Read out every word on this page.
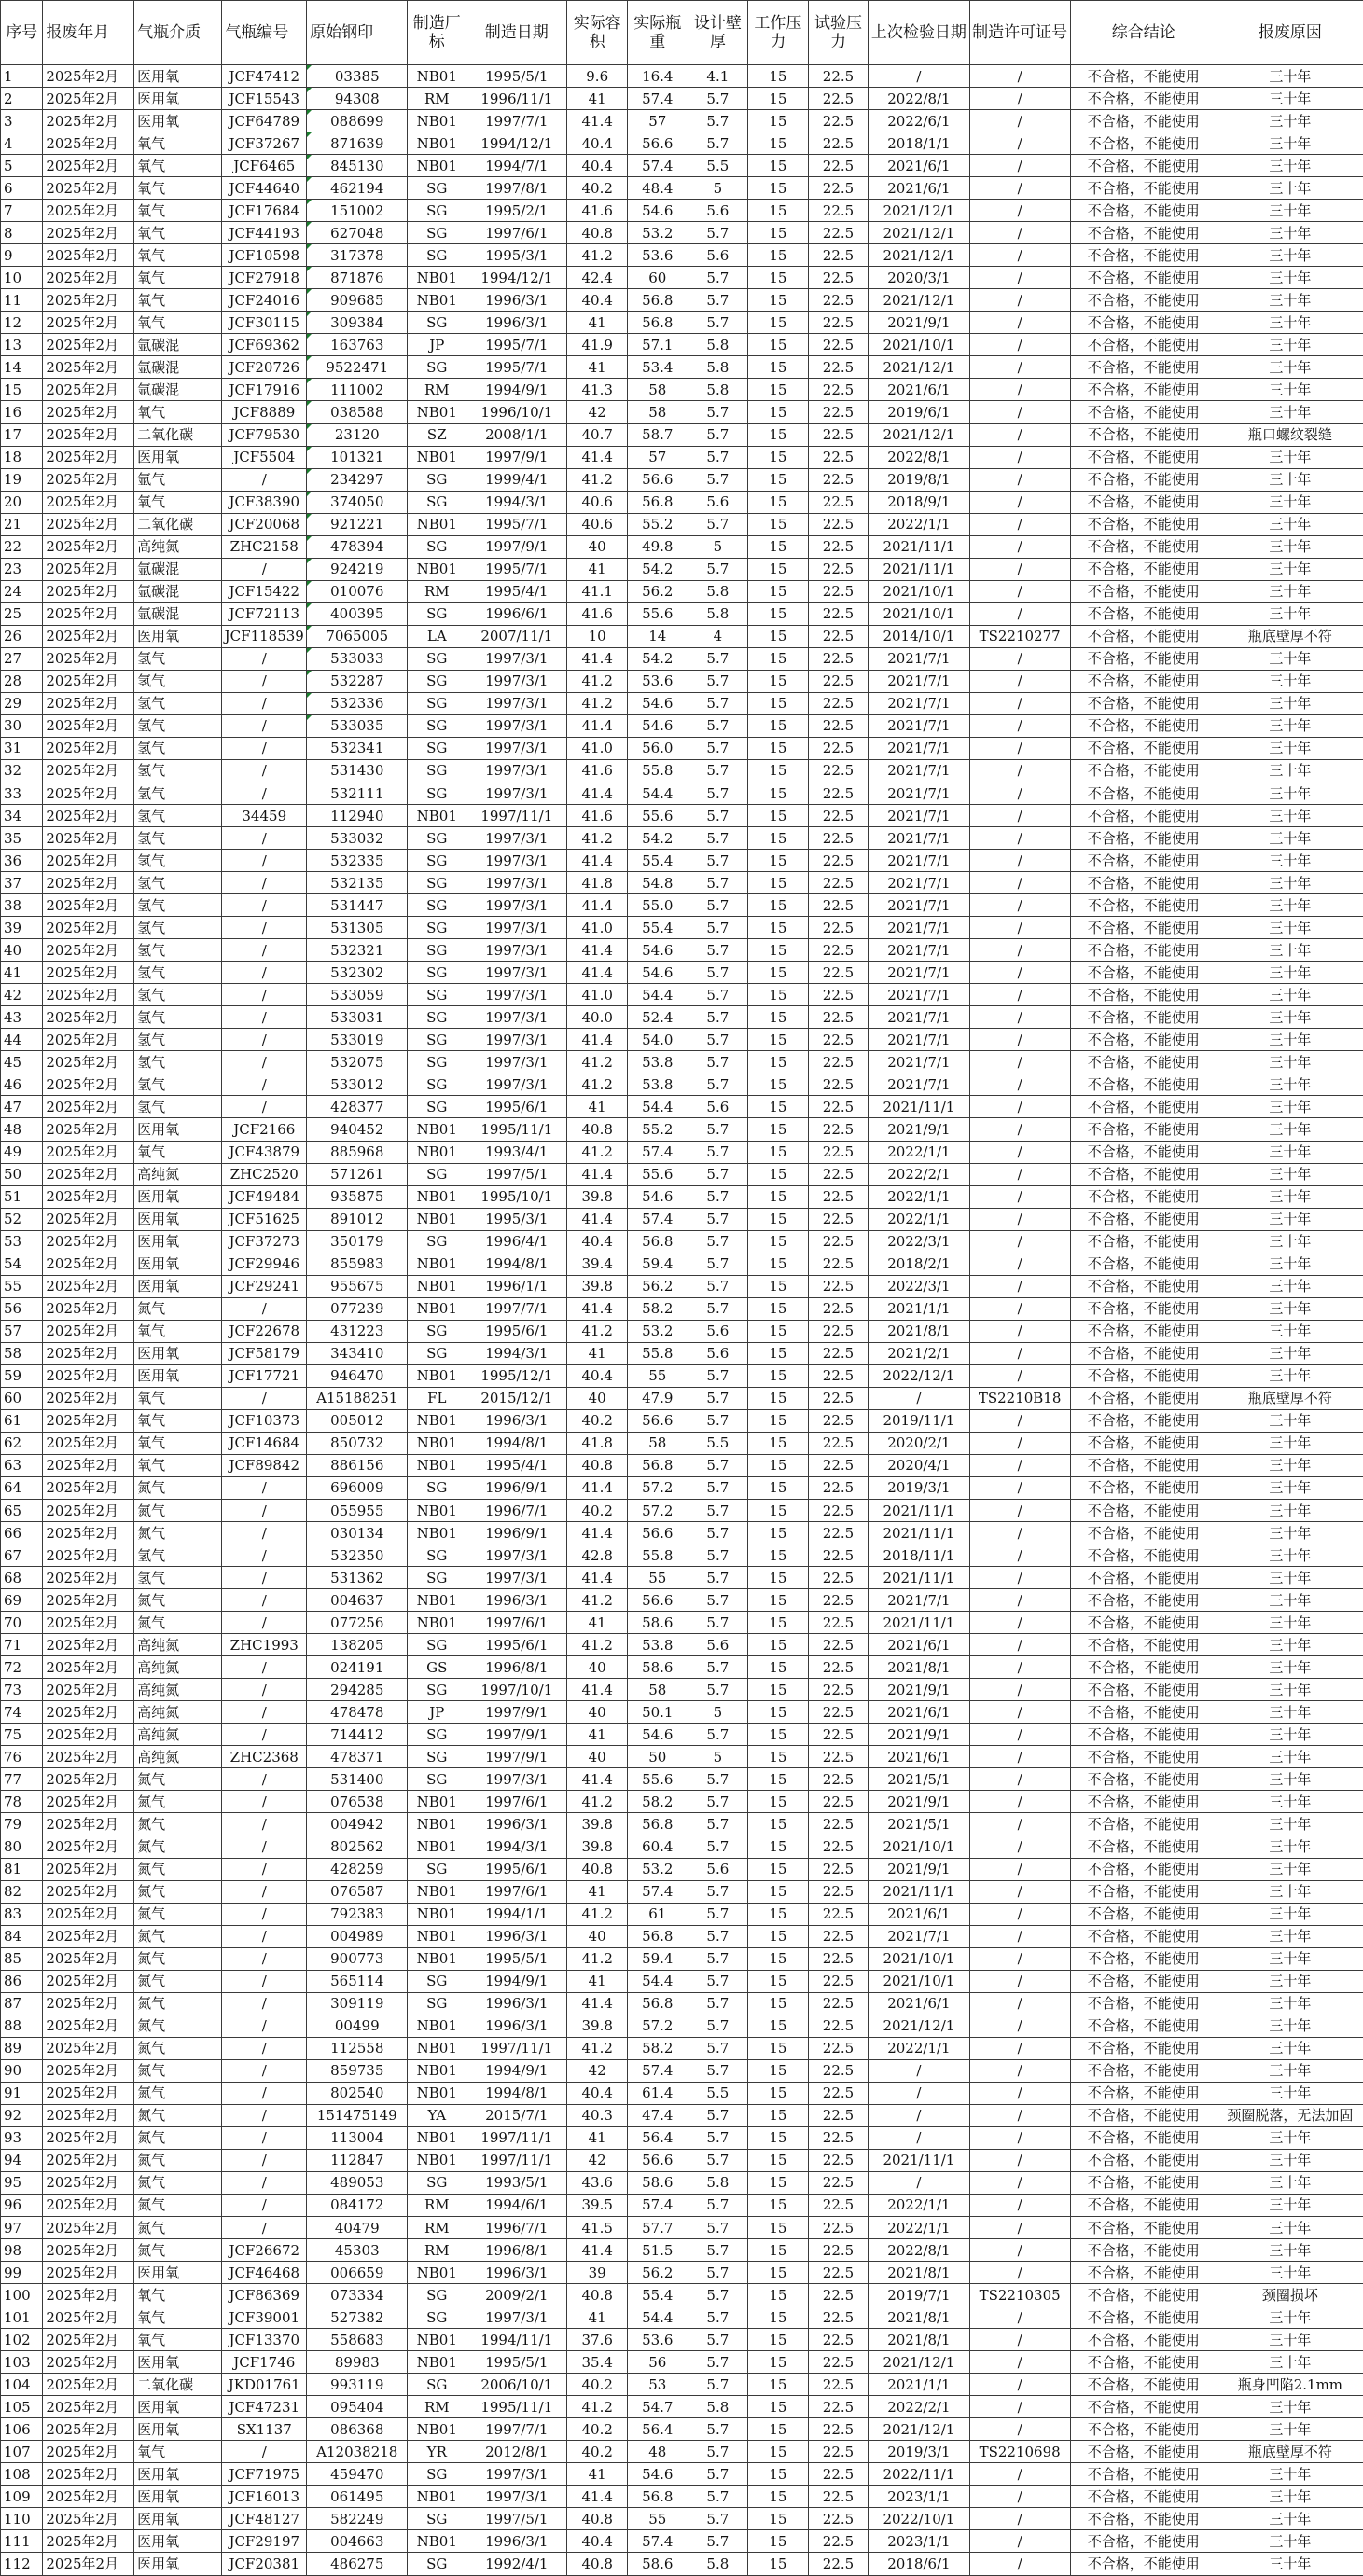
序号	报废年月	气瓶介质	气瓶编号	原始钢印	制造厂标	制造日期	实际容积	实际瓶重	设计壁厚	工作压力	试验压力	上次检验日期	制造许可证号	综合结论	报废原因
1	2025年2月	医用氧	JCF47412	03385	NB01	1995/5/1	9.6	16.4	4.1	15	22.5	/	/	不合格，不能使用	三十年
2	2025年2月	医用氧	JCF15543	94308	RM	1996/11/1	41	57.4	5.7	15	22.5	2022/8/1	/	不合格，不能使用	三十年
3	2025年2月	医用氧	JCF64789	088699	NB01	1997/7/1	41.4	57	5.7	15	22.5	2022/6/1	/	不合格，不能使用	三十年
4	2025年2月	氧气	JCF37267	871639	NB01	1994/12/1	40.4	56.6	5.7	15	22.5	2018/1/1	/	不合格，不能使用	三十年
5	2025年2月	氧气	JCF6465	845130	NB01	1994/7/1	40.4	57.4	5.5	15	22.5	2021/6/1	/	不合格，不能使用	三十年
6	2025年2月	氧气	JCF44640	462194	SG	1997/8/1	40.2	48.4	5	15	22.5	2021/6/1	/	不合格，不能使用	三十年
7	2025年2月	氧气	JCF17684	151002	SG	1995/2/1	41.6	54.6	5.6	15	22.5	2021/12/1	/	不合格，不能使用	三十年
8	2025年2月	氧气	JCF44193	627048	SG	1997/6/1	40.8	53.2	5.7	15	22.5	2021/12/1	/	不合格，不能使用	三十年
9	2025年2月	氧气	JCF10598	317378	SG	1995/3/1	41.2	53.6	5.6	15	22.5	2021/12/1	/	不合格，不能使用	三十年
10	2025年2月	氧气	JCF27918	871876	NB01	1994/12/1	42.4	60	5.7	15	22.5	2020/3/1	/	不合格，不能使用	三十年
11	2025年2月	氧气	JCF24016	909685	NB01	1996/3/1	40.4	56.8	5.7	15	22.5	2021/12/1	/	不合格，不能使用	三十年
12	2025年2月	氧气	JCF30115	309384	SG	1996/3/1	41	56.8	5.7	15	22.5	2021/9/1	/	不合格，不能使用	三十年
13	2025年2月	氩碳混	JCF69362	163763	JP	1995/7/1	41.9	57.1	5.8	15	22.5	2021/10/1	/	不合格，不能使用	三十年
14	2025年2月	氩碳混	JCF20726	9522471	SG	1995/7/1	41	53.4	5.8	15	22.5	2021/12/1	/	不合格，不能使用	三十年
15	2025年2月	氩碳混	JCF17916	111002	RM	1994/9/1	41.3	58	5.8	15	22.5	2021/6/1	/	不合格，不能使用	三十年
16	2025年2月	氧气	JCF8889	038588	NB01	1996/10/1	42	58	5.7	15	22.5	2019/6/1	/	不合格，不能使用	三十年
17	2025年2月	二氧化碳	JCF79530	23120	SZ	2008/1/1	40.7	58.7	5.7	15	22.5	2021/12/1	/	不合格，不能使用	瓶口螺纹裂缝
18	2025年2月	医用氧	JCF5504	101321	NB01	1997/9/1	41.4	57	5.7	15	22.5	2022/8/1	/	不合格，不能使用	三十年
19	2025年2月	氩气	/	234297	SG	1999/4/1	41.2	56.6	5.7	15	22.5	2019/8/1	/	不合格，不能使用	三十年
20	2025年2月	氧气	JCF38390	374050	SG	1994/3/1	40.6	56.8	5.6	15	22.5	2018/9/1	/	不合格，不能使用	三十年
21	2025年2月	二氧化碳	JCF20068	921221	NB01	1995/7/1	40.6	55.2	5.7	15	22.5	2022/1/1	/	不合格，不能使用	三十年
22	2025年2月	高纯氮	ZHC2158	478394	SG	1997/9/1	40	49.8	5	15	22.5	2021/11/1	/	不合格，不能使用	三十年
23	2025年2月	氩碳混	/	924219	NB01	1995/7/1	41	54.2	5.7	15	22.5	2021/11/1	/	不合格，不能使用	三十年
24	2025年2月	氩碳混	JCF15422	010076	RM	1995/4/1	41.1	56.2	5.8	15	22.5	2021/10/1	/	不合格，不能使用	三十年
25	2025年2月	氩碳混	JCF72113	400395	SG	1996/6/1	41.6	55.6	5.8	15	22.5	2021/10/1	/	不合格，不能使用	三十年
26	2025年2月	医用氧	JCF118539	7065005	LA	2007/11/1	10	14	4	15	22.5	2014/10/1	TS2210277	不合格，不能使用	瓶底壁厚不符
27	2025年2月	氢气	/	533033	SG	1997/3/1	41.4	54.2	5.7	15	22.5	2021/7/1	/	不合格，不能使用	三十年
28	2025年2月	氢气	/	532287	SG	1997/3/1	41.2	53.6	5.7	15	22.5	2021/7/1	/	不合格，不能使用	三十年
29	2025年2月	氢气	/	532336	SG	1997/3/1	41.2	54.6	5.7	15	22.5	2021/7/1	/	不合格，不能使用	三十年
30	2025年2月	氢气	/	533035	SG	1997/3/1	41.4	54.6	5.7	15	22.5	2021/7/1	/	不合格，不能使用	三十年
31	2025年2月	氢气	/	532341	SG	1997/3/1	41.0	56.0	5.7	15	22.5	2021/7/1	/	不合格，不能使用	三十年
32	2025年2月	氢气	/	531430	SG	1997/3/1	41.6	55.8	5.7	15	22.5	2021/7/1	/	不合格，不能使用	三十年
33	2025年2月	氢气	/	532111	SG	1997/3/1	41.4	54.4	5.7	15	22.5	2021/7/1	/	不合格，不能使用	三十年
34	2025年2月	氢气	34459	112940	NB01	1997/11/1	41.6	55.6	5.7	15	22.5	2021/7/1	/	不合格，不能使用	三十年
35	2025年2月	氢气	/	533032	SG	1997/3/1	41.2	54.2	5.7	15	22.5	2021/7/1	/	不合格，不能使用	三十年
36	2025年2月	氢气	/	532335	SG	1997/3/1	41.4	55.4	5.7	15	22.5	2021/7/1	/	不合格，不能使用	三十年
37	2025年2月	氢气	/	532135	SG	1997/3/1	41.8	54.8	5.7	15	22.5	2021/7/1	/	不合格，不能使用	三十年
38	2025年2月	氢气	/	531447	SG	1997/3/1	41.4	55.0	5.7	15	22.5	2021/7/1	/	不合格，不能使用	三十年
39	2025年2月	氢气	/	531305	SG	1997/3/1	41.0	55.4	5.7	15	22.5	2021/7/1	/	不合格，不能使用	三十年
40	2025年2月	氢气	/	532321	SG	1997/3/1	41.4	54.6	5.7	15	22.5	2021/7/1	/	不合格，不能使用	三十年
41	2025年2月	氢气	/	532302	SG	1997/3/1	41.4	54.6	5.7	15	22.5	2021/7/1	/	不合格，不能使用	三十年
42	2025年2月	氢气	/	533059	SG	1997/3/1	41.0	54.4	5.7	15	22.5	2021/7/1	/	不合格，不能使用	三十年
43	2025年2月	氢气	/	533031	SG	1997/3/1	40.0	52.4	5.7	15	22.5	2021/7/1	/	不合格，不能使用	三十年
44	2025年2月	氢气	/	533019	SG	1997/3/1	41.4	54.0	5.7	15	22.5	2021/7/1	/	不合格，不能使用	三十年
45	2025年2月	氢气	/	532075	SG	1997/3/1	41.2	53.8	5.7	15	22.5	2021/7/1	/	不合格，不能使用	三十年
46	2025年2月	氢气	/	533012	SG	1997/3/1	41.2	53.8	5.7	15	22.5	2021/7/1	/	不合格，不能使用	三十年
47	2025年2月	氢气	/	428377	SG	1995/6/1	41	54.4	5.6	15	22.5	2021/11/1	/	不合格，不能使用	三十年
48	2025年2月	医用氧	JCF2166	940452	NB01	1995/11/1	40.8	55.2	5.7	15	22.5	2021/9/1	/	不合格，不能使用	三十年
49	2025年2月	氧气	JCF43879	885968	NB01	1993/4/1	41.2	57.4	5.7	15	22.5	2022/1/1	/	不合格，不能使用	三十年
50	2025年2月	高纯氮	ZHC2520	571261	SG	1997/5/1	41.4	55.6	5.7	15	22.5	2022/2/1	/	不合格，不能使用	三十年
51	2025年2月	医用氧	JCF49484	935875	NB01	1995/10/1	39.8	54.6	5.7	15	22.5	2022/1/1	/	不合格，不能使用	三十年
52	2025年2月	医用氧	JCF51625	891012	NB01	1995/3/1	41.4	57.4	5.7	15	22.5	2022/1/1	/	不合格，不能使用	三十年
53	2025年2月	医用氧	JCF37273	350179	SG	1996/4/1	40.4	56.8	5.7	15	22.5	2022/3/1	/	不合格，不能使用	三十年
54	2025年2月	医用氧	JCF29946	855983	NB01	1994/8/1	39.4	59.4	5.7	15	22.5	2018/2/1	/	不合格，不能使用	三十年
55	2025年2月	医用氧	JCF29241	955675	NB01	1996/1/1	39.8	56.2	5.7	15	22.5	2022/3/1	/	不合格，不能使用	三十年
56	2025年2月	氮气	/	077239	NB01	1997/7/1	41.4	58.2	5.7	15	22.5	2021/1/1	/	不合格，不能使用	三十年
57	2025年2月	氧气	JCF22678	431223	SG	1995/6/1	41.2	53.2	5.6	15	22.5	2021/8/1	/	不合格，不能使用	三十年
58	2025年2月	医用氧	JCF58179	343410	SG	1994/3/1	41	55.8	5.6	15	22.5	2021/2/1	/	不合格，不能使用	三十年
59	2025年2月	医用氧	JCF17721	946470	NB01	1995/12/1	40.4	55	5.7	15	22.5	2022/12/1	/	不合格，不能使用	三十年
60	2025年2月	氧气	/	A15188251	FL	2015/12/1	40	47.9	5.7	15	22.5	/	TS2210B18	不合格，不能使用	瓶底壁厚不符
61	2025年2月	氧气	JCF10373	005012	NB01	1996/3/1	40.2	56.6	5.7	15	22.5	2019/11/1	/	不合格，不能使用	三十年
62	2025年2月	氧气	JCF14684	850732	NB01	1994/8/1	41.8	58	5.5	15	22.5	2020/2/1	/	不合格，不能使用	三十年
63	2025年2月	氧气	JCF89842	886156	NB01	1995/4/1	40.8	56.8	5.7	15	22.5	2020/4/1	/	不合格，不能使用	三十年
64	2025年2月	氮气	/	696009	SG	1996/9/1	41.4	57.2	5.7	15	22.5	2019/3/1	/	不合格，不能使用	三十年
65	2025年2月	氮气	/	055955	NB01	1996/7/1	40.2	57.2	5.7	15	22.5	2021/11/1	/	不合格，不能使用	三十年
66	2025年2月	氮气	/	030134	NB01	1996/9/1	41.4	56.6	5.7	15	22.5	2021/11/1	/	不合格，不能使用	三十年
67	2025年2月	氢气	/	532350	SG	1997/3/1	42.8	55.8	5.7	15	22.5	2018/11/1	/	不合格，不能使用	三十年
68	2025年2月	氢气	/	531362	SG	1997/3/1	41.4	55	5.7	15	22.5	2021/11/1	/	不合格，不能使用	三十年
69	2025年2月	氮气	/	004637	NB01	1996/3/1	41.2	56.6	5.7	15	22.5	2021/7/1	/	不合格，不能使用	三十年
70	2025年2月	氮气	/	077256	NB01	1997/6/1	41	58.6	5.7	15	22.5	2021/11/1	/	不合格，不能使用	三十年
71	2025年2月	高纯氮	ZHC1993	138205	SG	1995/6/1	41.2	53.8	5.6	15	22.5	2021/6/1	/	不合格，不能使用	三十年
72	2025年2月	高纯氮	/	024191	GS	1996/8/1	40	58.6	5.7	15	22.5	2021/8/1	/	不合格，不能使用	三十年
73	2025年2月	高纯氮	/	294285	SG	1997/10/1	41.4	58	5.7	15	22.5	2021/9/1	/	不合格，不能使用	三十年
74	2025年2月	高纯氮	/	478478	JP	1997/9/1	40	50.1	5	15	22.5	2021/6/1	/	不合格，不能使用	三十年
75	2025年2月	高纯氮	/	714412	SG	1997/9/1	41	54.6	5.7	15	22.5	2021/9/1	/	不合格，不能使用	三十年
76	2025年2月	高纯氮	ZHC2368	478371	SG	1997/9/1	40	50	5	15	22.5	2021/6/1	/	不合格，不能使用	三十年
77	2025年2月	氮气	/	531400	SG	1997/3/1	41.4	55.6	5.7	15	22.5	2021/5/1	/	不合格，不能使用	三十年
78	2025年2月	氮气	/	076538	NB01	1997/6/1	41.2	58.2	5.7	15	22.5	2021/9/1	/	不合格，不能使用	三十年
79	2025年2月	氮气	/	004942	NB01	1996/3/1	39.8	56.8	5.7	15	22.5	2021/5/1	/	不合格，不能使用	三十年
80	2025年2月	氮气	/	802562	NB01	1994/3/1	39.8	60.4	5.7	15	22.5	2021/10/1	/	不合格，不能使用	三十年
81	2025年2月	氮气	/	428259	SG	1995/6/1	40.8	53.2	5.6	15	22.5	2021/9/1	/	不合格，不能使用	三十年
82	2025年2月	氮气	/	076587	NB01	1997/6/1	41	57.4	5.7	15	22.5	2021/11/1	/	不合格，不能使用	三十年
83	2025年2月	氮气	/	792383	NB01	1994/1/1	41.2	61	5.7	15	22.5	2021/6/1	/	不合格，不能使用	三十年
84	2025年2月	氮气	/	004989	NB01	1996/3/1	40	56.8	5.7	15	22.5	2021/7/1	/	不合格，不能使用	三十年
85	2025年2月	氮气	/	900773	NB01	1995/5/1	41.2	59.4	5.7	15	22.5	2021/10/1	/	不合格，不能使用	三十年
86	2025年2月	氮气	/	565114	SG	1994/9/1	41	54.4	5.7	15	22.5	2021/10/1	/	不合格，不能使用	三十年
87	2025年2月	氮气	/	309119	SG	1996/3/1	41.4	56.8	5.7	15	22.5	2021/6/1	/	不合格，不能使用	三十年
88	2025年2月	氮气	/	00499	NB01	1996/3/1	39.8	57.2	5.7	15	22.5	2021/12/1	/	不合格，不能使用	三十年
89	2025年2月	氮气	/	112558	NB01	1997/11/1	41.2	58.2	5.7	15	22.5	2022/1/1	/	不合格，不能使用	三十年
90	2025年2月	氮气	/	859735	NB01	1994/9/1	42	57.4	5.7	15	22.5	/	/	不合格，不能使用	三十年
91	2025年2月	氮气	/	802540	NB01	1994/8/1	40.4	61.4	5.5	15	22.5	/	/	不合格，不能使用	三十年
92	2025年2月	氮气	/	151475149	YA	2015/7/1	40.3	47.4	5.7	15	22.5	/	/	不合格，不能使用	颈圈脱落，无法加固
93	2025年2月	氮气	/	113004	NB01	1997/11/1	41	56.4	5.7	15	22.5	/	/	不合格，不能使用	三十年
94	2025年2月	氮气	/	112847	NB01	1997/11/1	42	56.6	5.7	15	22.5	2021/11/1	/	不合格，不能使用	三十年
95	2025年2月	氮气	/	489053	SG	1993/5/1	43.6	58.6	5.8	15	22.5	/	/	不合格，不能使用	三十年
96	2025年2月	氮气	/	084172	RM	1994/6/1	39.5	57.4	5.7	15	22.5	2022/1/1	/	不合格，不能使用	三十年
97	2025年2月	氮气	/	40479	RM	1996/7/1	41.5	57.7	5.7	15	22.5	2022/1/1	/	不合格，不能使用	三十年
98	2025年2月	氮气	JCF26672	45303	RM	1996/8/1	41.4	51.5	5.7	15	22.5	2022/8/1	/	不合格，不能使用	三十年
99	2025年2月	医用氧	JCF46468	006659	NB01	1996/3/1	39	56.2	5.7	15	22.5	2021/8/1	/	不合格，不能使用	三十年
100	2025年2月	氧气	JCF86369	073334	SG	2009/2/1	40.8	55.4	5.7	15	22.5	2019/7/1	TS2210305	不合格，不能使用	颈圈损坏
101	2025年2月	氧气	JCF39001	527382	SG	1997/3/1	41	54.4	5.7	15	22.5	2021/8/1	/	不合格，不能使用	三十年
102	2025年2月	氧气	JCF13370	558683	NB01	1994/11/1	37.6	53.6	5.7	15	22.5	2021/8/1	/	不合格，不能使用	三十年
103	2025年2月	医用氧	JCF1746	89983	NB01	1995/5/1	35.4	56	5.7	15	22.5	2021/12/1	/	不合格，不能使用	三十年
104	2025年2月	二氧化碳	JKD01761	993119	SG	2006/10/1	40.2	53	5.7	15	22.5	2021/1/1	/	不合格，不能使用	瓶身凹陷2.1mm
105	2025年2月	医用氧	JCF47231	095404	RM	1995/11/1	41.2	54.7	5.8	15	22.5	2022/2/1	/	不合格，不能使用	三十年
106	2025年2月	医用氧	SX1137	086368	NB01	1997/7/1	40.2	56.4	5.7	15	22.5	2021/12/1	/	不合格，不能使用	三十年
107	2025年2月	氧气	/	A12038218	YR	2012/8/1	40.2	48	5.7	15	22.5	2019/3/1	TS2210698	不合格，不能使用	瓶底壁厚不符
108	2025年2月	医用氧	JCF71975	459470	SG	1997/3/1	41	54.6	5.7	15	22.5	2022/11/1	/	不合格，不能使用	三十年
109	2025年2月	医用氧	JCF16013	061495	NB01	1997/3/1	41.4	56.8	5.7	15	22.5	2023/1/1	/	不合格，不能使用	三十年
110	2025年2月	医用氧	JCF48127	582249	SG	1997/5/1	40.8	55	5.7	15	22.5	2022/10/1	/	不合格，不能使用	三十年
111	2025年2月	医用氧	JCF29197	004663	NB01	1996/3/1	40.4	57.4	5.7	15	22.5	2023/1/1	/	不合格，不能使用	三十年
112	2025年2月	医用氧	JCF20381	486275	SG	1992/4/1	40.8	58.6	5.8	15	22.5	2018/6/1	/	不合格，不能使用	三十年
